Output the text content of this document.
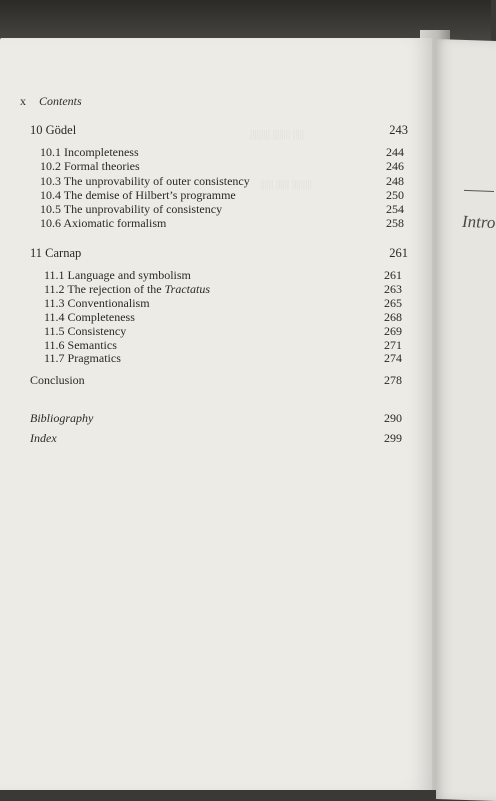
Intro
||||| |||||||| |||||||||
||||||||| |||||| ||||||
x Contents
10 Gödel	243
10.1 Incompleteness	244
10.2 Formal theories	246
10.3 The unprovability of outer consistency	248
10.4 The demise of Hilbert’s programme	250
10.5 The unprovability of consistency	254
10.6 Axiomatic formalism	258
11 Carnap	261
11.1 Language and symbolism	261
11.2 The rejection of the Tractatus	263
11.3 Conventionalism	265
11.4 Completeness	268
11.5 Consistency	269
11.6 Semantics	271
11.7 Pragmatics	274
Conclusion	278
Bibliography	290
Index	299
